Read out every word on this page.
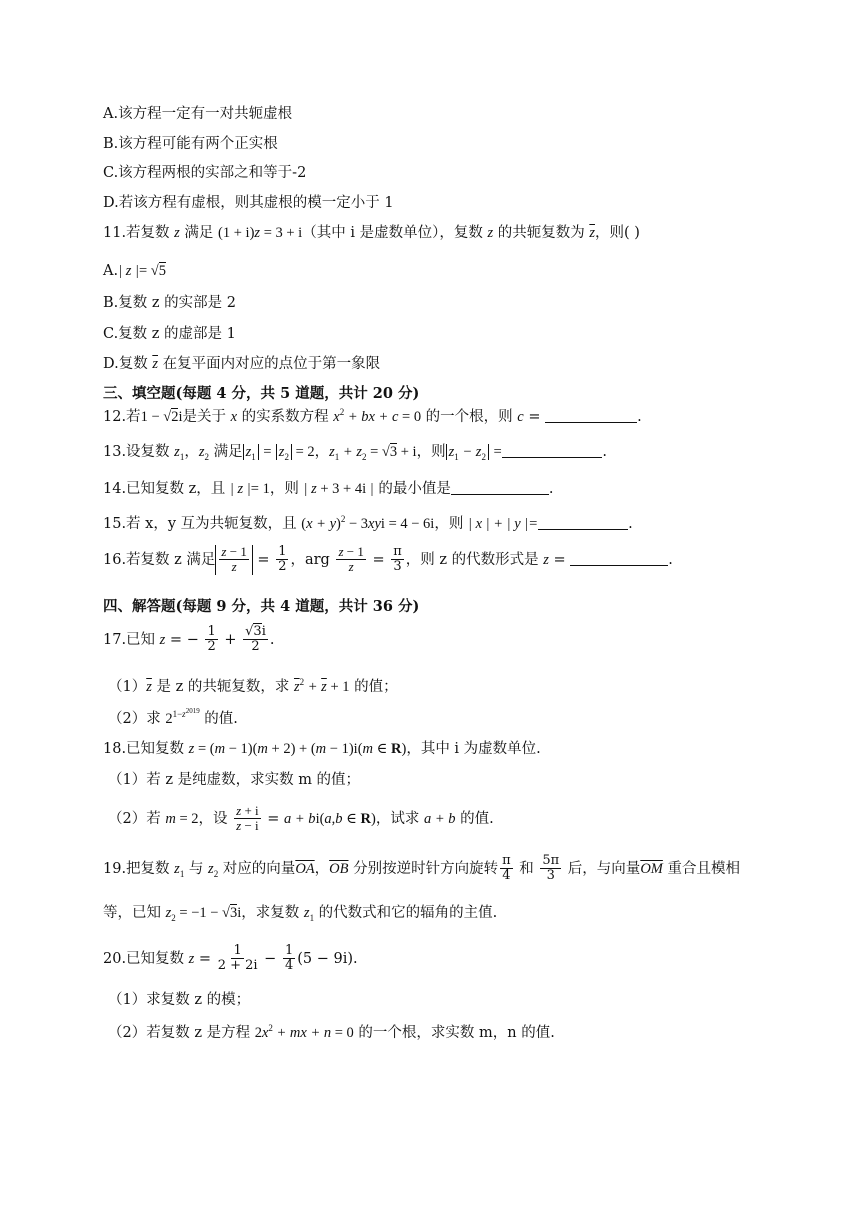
A.该方程一定有一对共轭虚根
B.该方程可能有两个正实根
C.该方程两根的实部之和等于-2
D.若该方程有虚根，则其虚根的模一定小于 1
11.若复数 z 满足 (1 + i)z = 3 + i（其中 i 是虚数单位），复数 z 的共轭复数为 $\overline{z}$，则( )
A.| z |= √5
B.复数 z 的实部是 2
C.复数 z 的虚部是 1
D.复数 $\overline{z}$ 在复平面内对应的点位于第一象限
三、填空题(每题 4 分，共 5 道题，共计 20 分)
12.若1 − √2i是关于 x 的实系数方程 $x^2$ + bx + c = 0 的一个根，则 c =	.
13.设复数 $z_1$，$z_2$ 满足 $z_1 = z_2 = 2$，$z_1 + z_2 = √3 + i$，则 $z_1 - z_2$ =	.
14.已知复数 z，且 | z |= 1，则 | z + 3 + 4i | 的最小值是	.
15.若 x，y 互为共轭复数，且 $(x + y)^2 - 3xyi = 4 - 6i$，则 | x | + | y |=	.
16.若复数 z 满足 $\frac{z - 1}{z} = \frac{1}{2}$ ，arg $\frac{z - 1}{z} = \frac{\pi}{3}$ ，则 z 的代数形式是 z =	.
四、解答题(每题 9 分，共 4 道题，共计 36 分)
17.已知 z = − $\frac{1}{2} + \frac{√3i}{2}$ .
$(1)\overline{z}$ 是 z 的共轭复数，求 $\overline{z}^2 + \overline{z} + 1$ 的值；
（2）求 $2^{1-z^{2019}}$ 的值.
18.已知复数 z = (m − 1)(m + 2) + (m − 1)i(m ∈ R)，其中 i 为虚数单位.
（1）若 z 是纯虚数，求实数 m 的值；
（2）若 m = 2，设 $\frac{z + i}{z - i} = a + bi(a,b$ ∈ R)，试求 a + b 的值.
19.把复数 $z_1$ 与 $z_2$ 对应的向量$\overline{OA}$，$\overline{OB}$ 分别按逆时针方向旋转 $\frac{\pi}{4}$ 和 $\frac{5\pi}{3}$ 后，与向量$\overline{OM}$ 重合且模相
等，已知 $z_2 = -1 - √3i$，求复数 $z_1$ 的代数式和它的辐角的主值.
20.已知复数 $z = \frac{1}{2 + 2i} - \frac{1}{4} (5 - 9i)$.
（1）求复数 z 的模；
（2）若复数 z 是方程 $2x^2$ + mx + n = 0 的一个根，求实数 m，n 的值.
